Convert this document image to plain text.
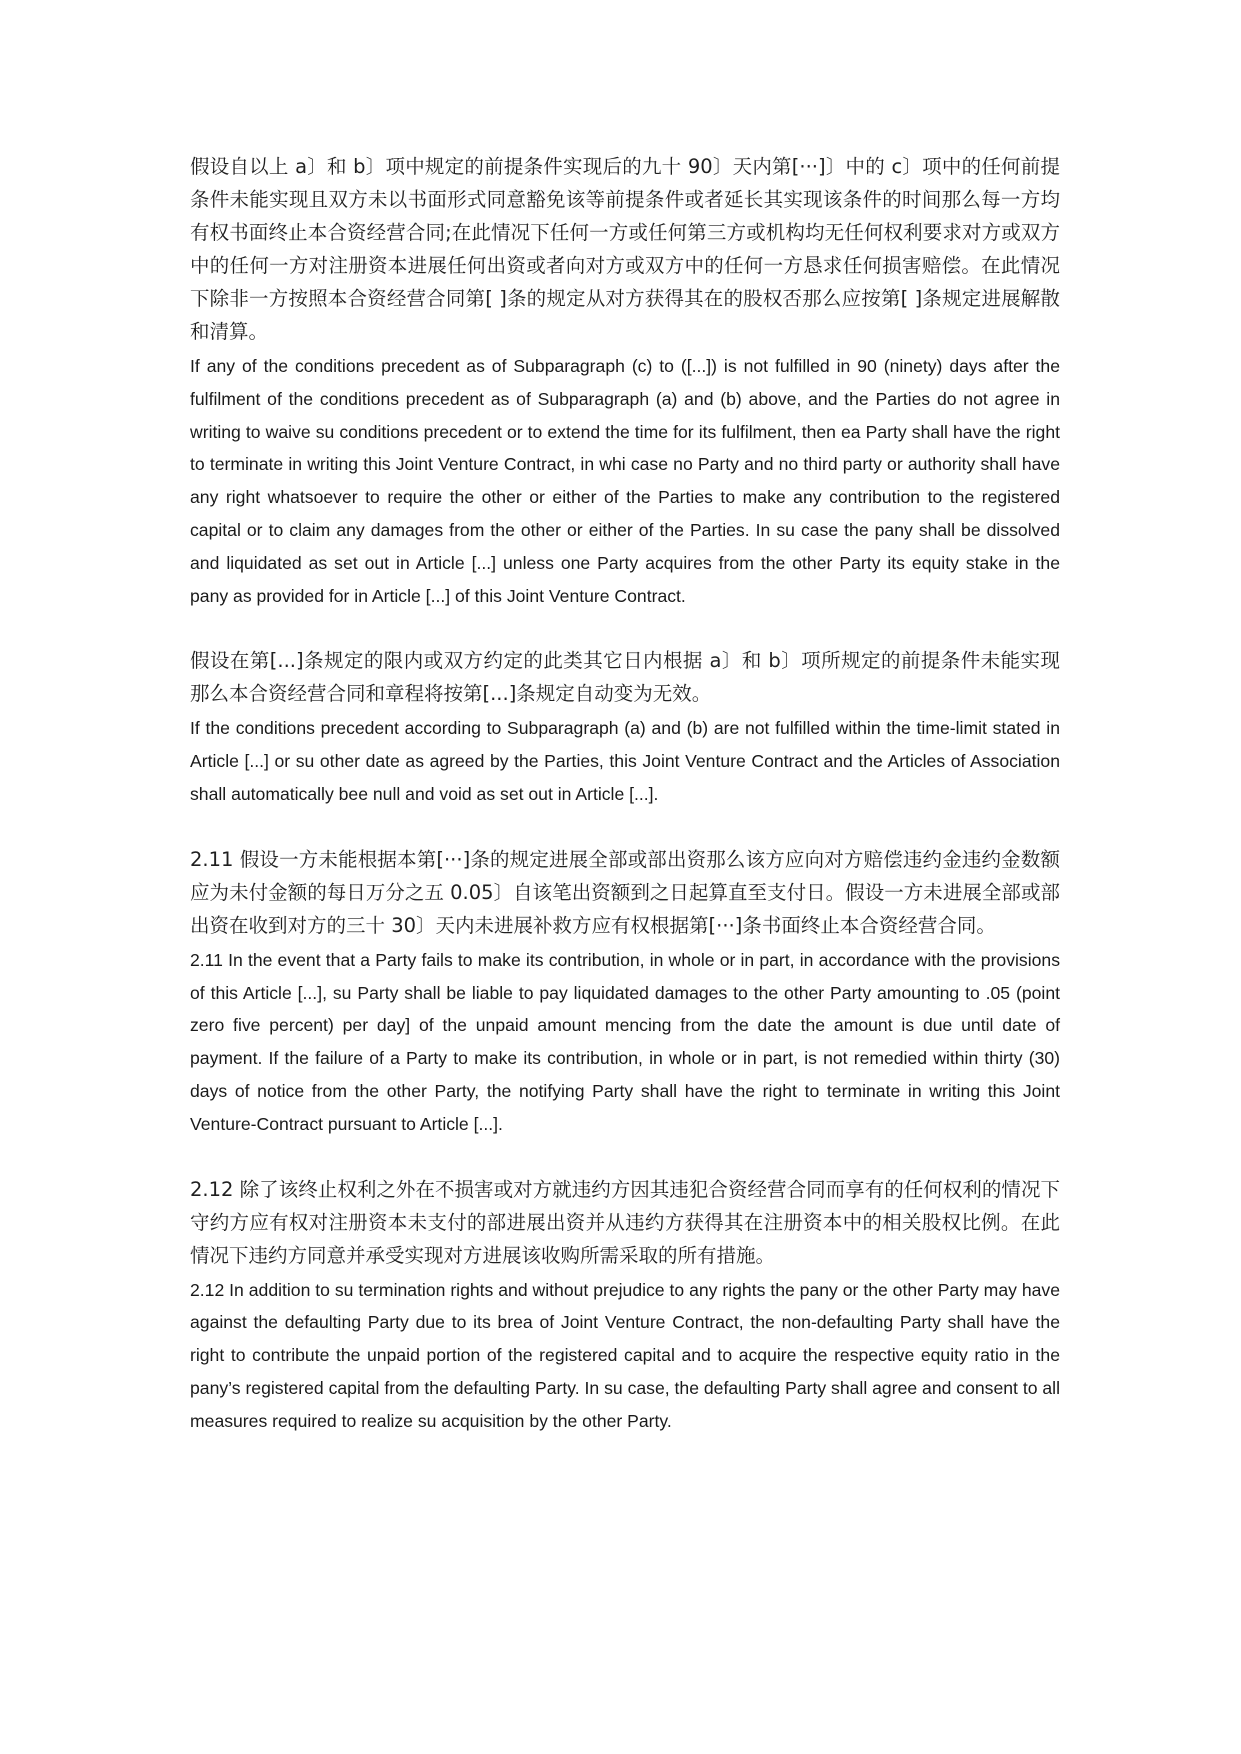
假设自以上 a〕和 b〕项中规定的前提条件实现后的九十 90〕天内第[···]〕中的 c〕项中的任何前提条件未能实现且双方未以书面形式同意豁免该等前提条件或者延长其实现该条件的时间那么每一方均有权书面终止本合资经营合同;在此情况下任何一方或任何第三方或机构均无任何权利要求对方或双方中的任何一方对注册资本进展任何出资或者向对方或双方中的任何一方恳求任何损害赔偿。在此情况下除非一方按照本合资经营合同第[ ]条的规定从对方获得其在的股权否那么应按第[ ]条规定进展解散和清算。

If any of the conditions precedent as of Subparagraph (c) to ([...]) is not fulfilled in 90 (ninety) days after the fulfilment of the conditions precedent as of Subparagraph (a) and (b) above, and the Parties do not agree in writing to waive su conditions precedent or to extend the time for its fulfilment, then ea Party shall have the right to terminate in writing this Joint Venture Contract, in whi case no Party and no third party or authority shall have any right whatsoever to require the other or either of the Parties to make any contribution to the registered capital or to claim any damages from the other or either of the Parties. In su case the pany shall be dissolved and liquidated as set out in Article [...] unless one Party acquires from the other Party its equity stake in the pany as provided for in Article [...] of this Joint Venture Contract.

假设在第[...]条规定的限内或双方约定的此类其它日内根据 a〕和 b〕项所规定的前提条件未能实现那么本合资经营合同和章程将按第[...]条规定自动变为无效。

If the conditions precedent according to Subparagraph (a) and (b) are not fulfilled within the time-limit stated in Article [...] or su other date as agreed by the Parties, this Joint Venture Contract and the Articles of Association shall automatically bee null and void as set out in Article [...].

2.11 假设一方未能根据本第[···]条的规定进展全部或部出资那么该方应向对方赔偿违约金违约金数额应为未付金额的每日万分之五 0.05〕自该笔出资额到之日起算直至支付日。假设一方未进展全部或部出资在收到对方的三十 30〕天内未进展补救方应有权根据第[···]条书面终止本合资经营合同。

2.11 In the event that a Party fails to make its contribution, in whole or in part, in accordance with the provisions of this Article [...], su Party shall be liable to pay liquidated damages to the other Party amounting to .05 (point zero five percent) per day] of the unpaid amount mencing from the date the amount is due until date of payment. If the failure of a Party to make its contribution, in whole or in part, is not remedied within thirty (30) days of notice from the other Party, the notifying Party shall have the right to terminate in writing this Joint Venture-Contract pursuant to Article [...].

2.12 除了该终止权利之外在不损害或对方就违约方因其违犯合资经营合同而享有的任何权利的情况下守约方应有权对注册资本未支付的部进展出资并从违约方获得其在注册资本中的相关股权比例。在此情况下违约方同意并承受实现对方进展该收购所需采取的所有措施。

2.12 In addition to su termination rights and without prejudice to any rights the pany or the other Party may have against the defaulting Party due to its brea of Joint Venture Contract, the non-defaulting Party shall have the right to contribute the unpaid portion of the registered capital and to acquire the respective equity ratio in the pany’s registered capital from the defaulting Party. In su case, the defaulting Party shall agree and consent to all measures required to realize su acquisition by the other Party.
